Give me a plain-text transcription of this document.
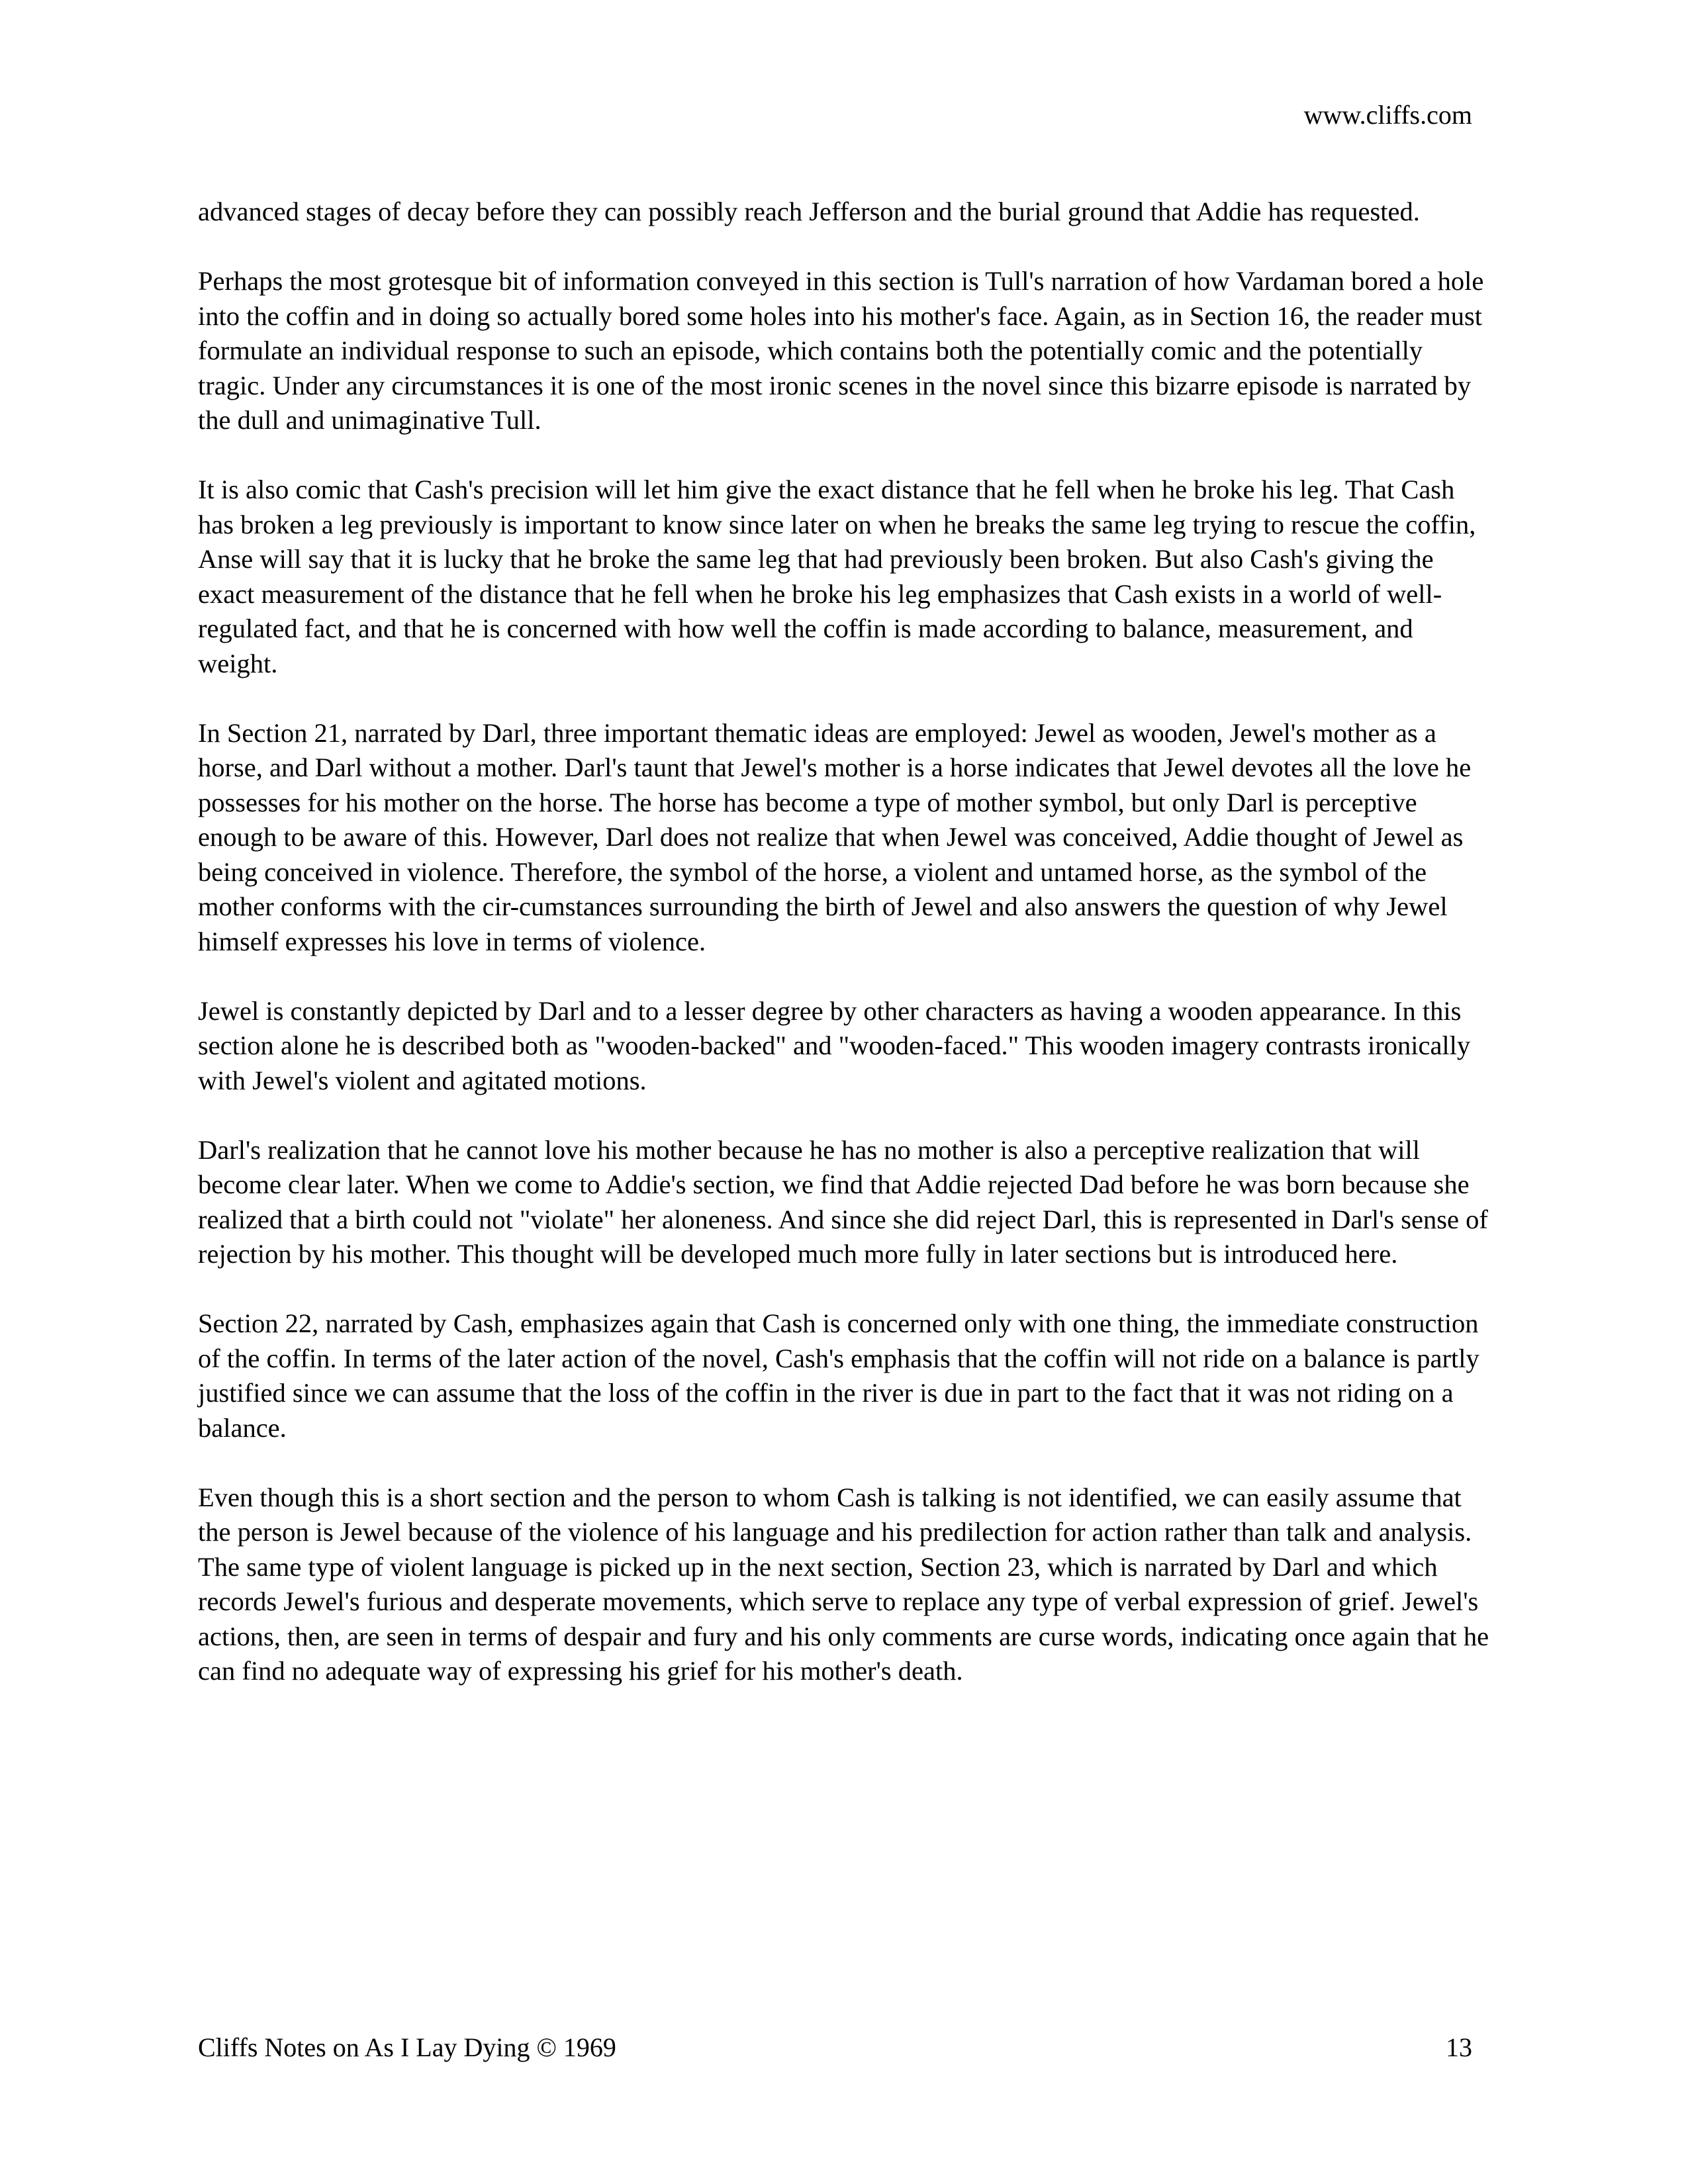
www.cliffs.com

advanced stages of decay before they can possibly reach Jefferson and the burial ground that Addie has requested.

Perhaps the most grotesque bit of information conveyed in this section is Tull's narration of how Vardaman bored a hole into the coffin and in doing so actually bored some holes into his mother's face. Again, as in Section 16, the reader must formulate an individual response to such an episode, which contains both the potentially comic and the potentially tragic. Under any circumstances it is one of the most ironic scenes in the novel since this bizarre episode is narrated by the dull and unimaginative Tull.

It is also comic that Cash's precision will let him give the exact distance that he fell when he broke his leg. That Cash has broken a leg previously is important to know since later on when he breaks the same leg trying to rescue the coffin, Anse will say that it is lucky that he broke the same leg that had previously been broken. But also Cash's giving the exact measurement of the distance that he fell when he broke his leg emphasizes that Cash exists in a world of well-regulated fact, and that he is concerned with how well the coffin is made according to balance, measurement, and weight.

In Section 21, narrated by Darl, three important thematic ideas are employed: Jewel as wooden, Jewel's mother as a horse, and Darl without a mother. Darl's taunt that Jewel's mother is a horse indicates that Jewel devotes all the love he possesses for his mother on the horse. The horse has become a type of mother symbol, but only Darl is perceptive enough to be aware of this. However, Darl does not realize that when Jewel was conceived, Addie thought of Jewel as being conceived in violence. Therefore, the symbol of the horse, a violent and untamed horse, as the symbol of the mother conforms with the cir-cumstances surrounding the birth of Jewel and also answers the question of why Jewel himself expresses his love in terms of violence.

Jewel is constantly depicted by Darl and to a lesser degree by other characters as having a wooden appearance. In this section alone he is described both as "wooden-backed" and "wooden-faced." This wooden imagery contrasts ironically with Jewel's violent and agitated motions.

Darl's realization that he cannot love his mother because he has no mother is also a perceptive realization that will become clear later. When we come to Addie's section, we find that Addie rejected Dad before he was born because she realized that a birth could not "violate" her aloneness. And since she did reject Darl, this is represented in Darl's sense of rejection by his mother. This thought will be developed much more fully in later sections but is introduced here.

Section 22, narrated by Cash, emphasizes again that Cash is concerned only with one thing, the immediate construction of the coffin. In terms of the later action of the novel, Cash's emphasis that the coffin will not ride on a balance is partly justified since we can assume that the loss of the coffin in the river is due in part to the fact that it was not riding on a balance.

Even though this is a short section and the person to whom Cash is talking is not identified, we can easily assume that the person is Jewel because of the violence of his language and his predilection for action rather than talk and analysis. The same type of violent language is picked up in the next section, Section 23, which is narrated by Darl and which records Jewel's furious and desperate movements, which serve to replace any type of verbal expression of grief. Jewel's actions, then, are seen in terms of despair and fury and his only comments are curse words, indicating once again that he can find no adequate way of expressing his grief for his mother's death.

Cliffs Notes on As I Lay Dying © 1969	13
